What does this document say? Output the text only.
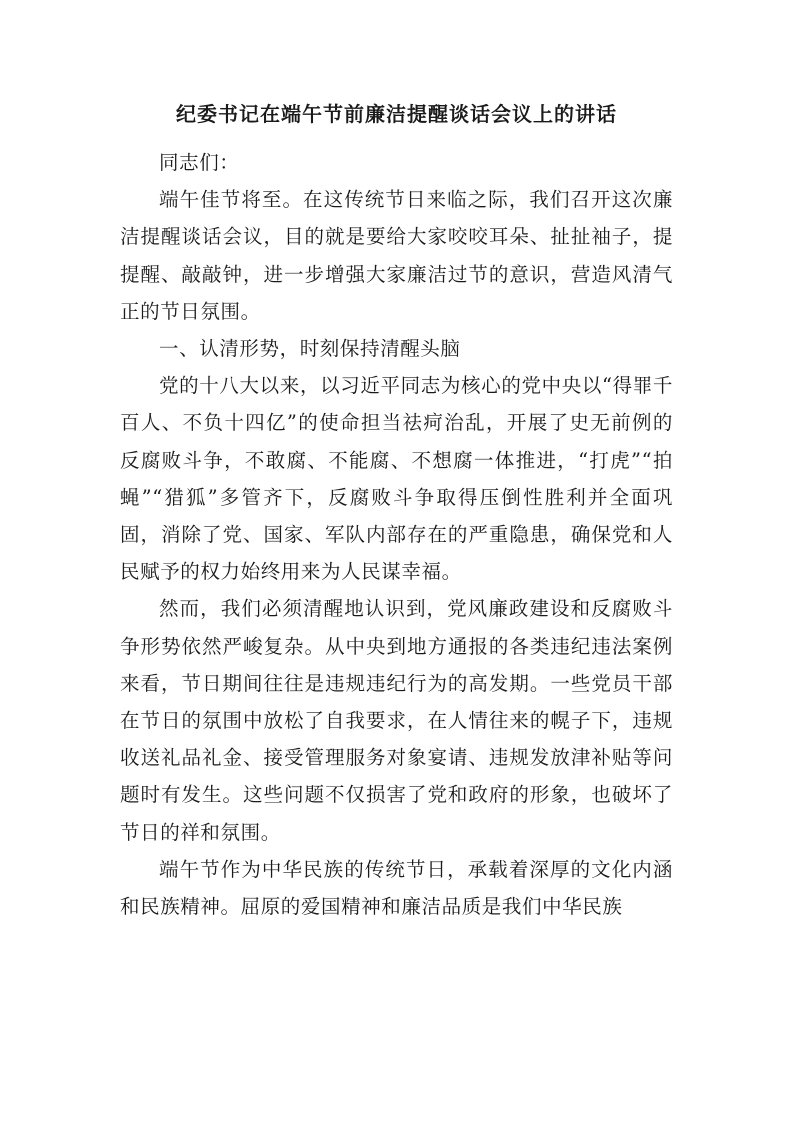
纪委书记在端午节前廉洁提醒谈话会议上的讲话

同志们：

端午佳节将至。在这传统节日来临之际，我们召开这次廉洁提醒谈话会议，目的就是要给大家咬咬耳朵、扯扯袖子，提提醒、敲敲钟，进一步增强大家廉洁过节的意识，营造风清气正的节日氛围。

一、认清形势，时刻保持清醒头脑

党的十八大以来，以习近平同志为核心的党中央以“得罪千百人、不负十四亿”的使命担当祛疴治乱，开展了史无前例的反腐败斗争，不敢腐、不能腐、不想腐一体推进，“打虎”“拍蝇”“猎狐”多管齐下，反腐败斗争取得压倒性胜利并全面巩固，消除了党、国家、军队内部存在的严重隐患，确保党和人民赋予的权力始终用来为人民谋幸福。

然而，我们必须清醒地认识到，党风廉政建设和反腐败斗争形势依然严峻复杂。从中央到地方通报的各类违纪违法案例来看，节日期间往往是违规违纪行为的高发期。一些党员干部在节日的氛围中放松了自我要求，在人情往来的幌子下，违规收送礼品礼金、接受管理服务对象宴请、违规发放津补贴等问题时有发生。这些问题不仅损害了党和政府的形象，也破坏了节日的祥和氛围。

端午节作为中华民族的传统节日，承载着深厚的文化内涵和民族精神。屈原的爱国精神和廉洁品质是我们中华民族
